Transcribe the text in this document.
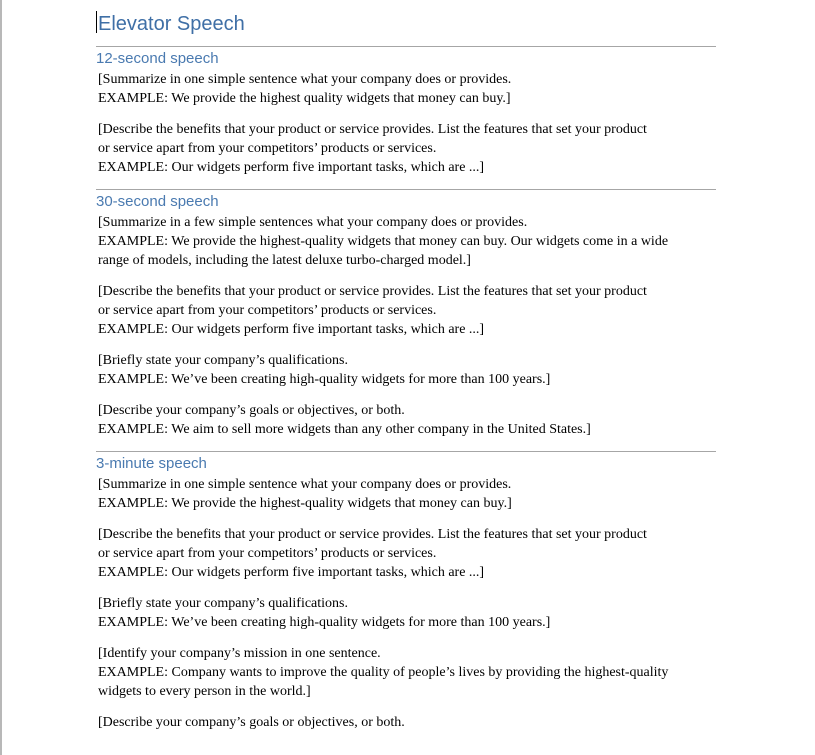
Elevator Speech
12-second speech
[Summarize in one simple sentence what your company does or provides.
EXAMPLE: We provide the highest quality widgets that money can buy.]
[Describe the benefits that your product or service provides. List the features that set your product
or service apart from your competitors’ products or services.
EXAMPLE: Our widgets perform five important tasks, which are ...]
30-second speech
[Summarize in a few simple sentences what your company does or provides.
EXAMPLE: We provide the highest-quality widgets that money can buy. Our widgets come in a wide
range of models, including the latest deluxe turbo-charged model.]
[Describe the benefits that your product or service provides. List the features that set your product
or service apart from your competitors’ products or services.
EXAMPLE: Our widgets perform five important tasks, which are ...]
[Briefly state your company’s qualifications.
EXAMPLE: We’ve been creating high-quality widgets for more than 100 years.]
[Describe your company’s goals or objectives, or both.
EXAMPLE: We aim to sell more widgets than any other company in the United States.]
3-minute speech
[Summarize in one simple sentence what your company does or provides.
EXAMPLE: We provide the highest-quality widgets that money can buy.]
[Describe the benefits that your product or service provides. List the features that set your product
or service apart from your competitors’ products or services.
EXAMPLE: Our widgets perform five important tasks, which are ...]
[Briefly state your company’s qualifications.
EXAMPLE: We’ve been creating high-quality widgets for more than 100 years.]
[Identify your company’s mission in one sentence.
EXAMPLE: Company wants to improve the quality of people’s lives by providing the highest-quality
widgets to every person in the world.]
[Describe your company’s goals or objectives, or both.
